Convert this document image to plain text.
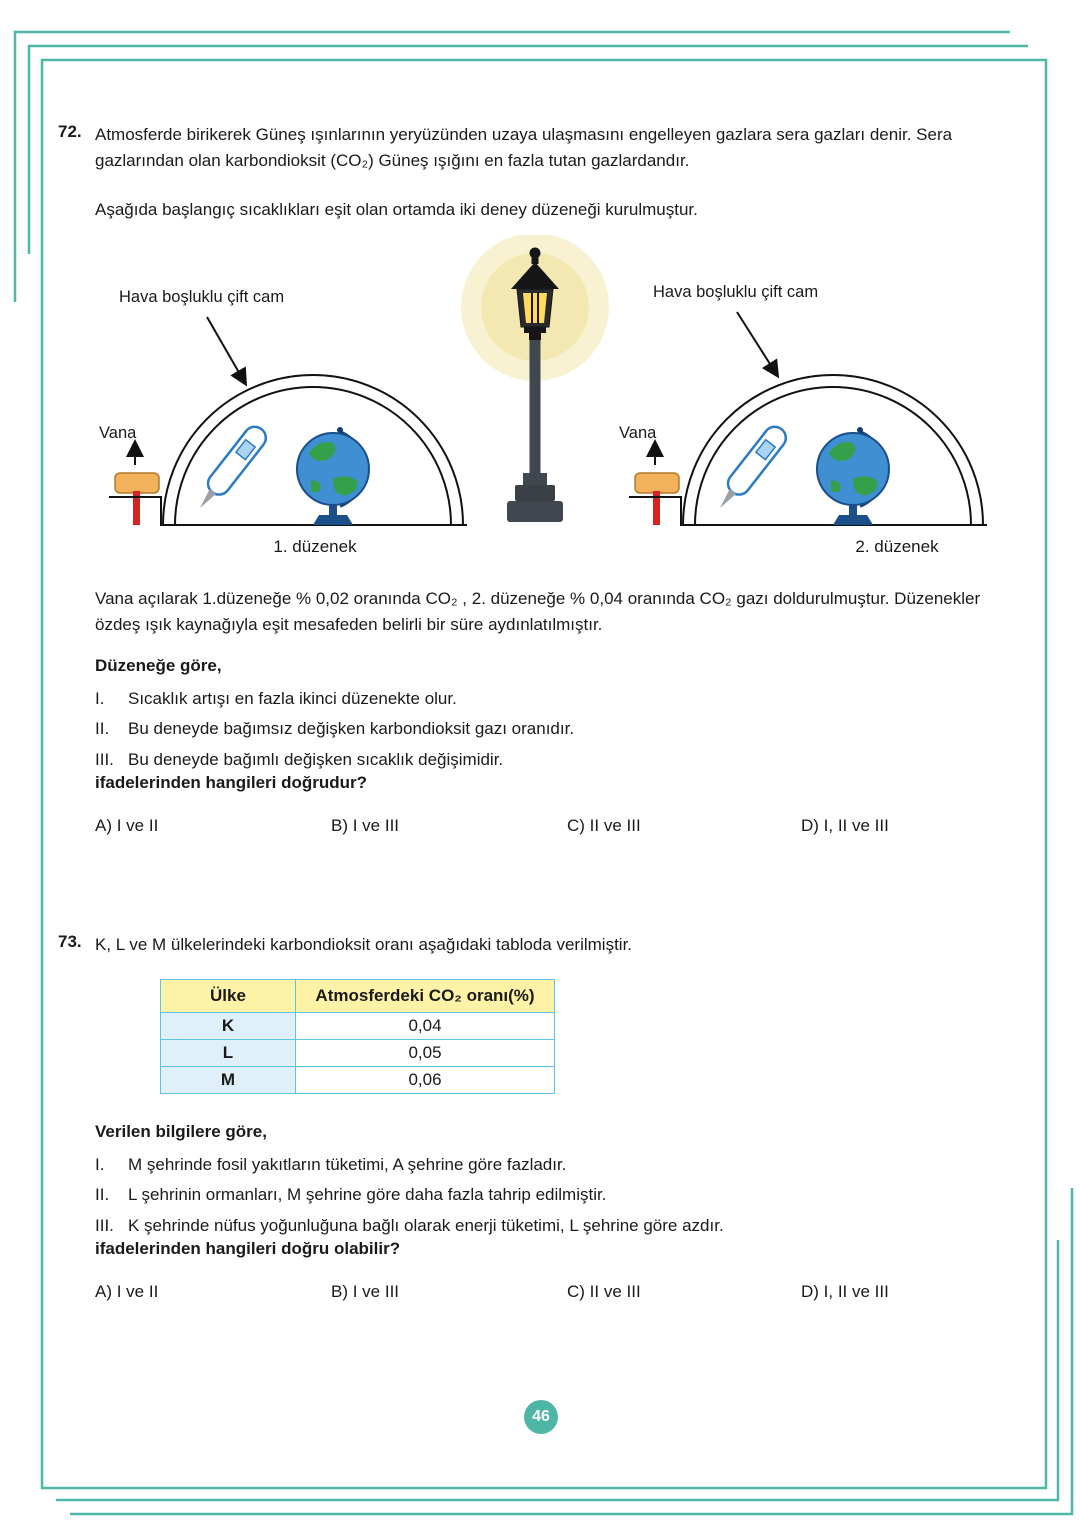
72. Atmosferde birikerek Güneş ışınlarının yeryüzünden uzaya ulaşmasını engelleyen gazlara sera gazları denir. Sera gazlarından olan karbondioksit (CO₂) Güneş ışığını en fazla tutan gazlardandır.

Aşağıda başlangıç sıcaklıkları eşit olan ortamda iki deney düzeneği kurulmuştur.

Hava boşluklu çift cam	Hava boşluklu çift cam
Vana	Vana
1. düzenek	2. düzenek

Vana açılarak 1.düzeneğe % 0,02 oranında CO₂ , 2. düzeneğe % 0,04 oranında CO₂ gazı doldurulmuştur. Düzenekler özdeş ışık kaynağıyla eşit mesafeden belirli bir süre aydınlatılmıştır.

Düzeneğe göre,

I.	Sıcaklık artışı en fazla ikinci düzenekte olur.
II.	Bu deneyde bağımsız değişken karbondioksit gazı oranıdır.
III. Bu deneyde bağımlı değişken sıcaklık değişimidir.

ifadelerinden hangileri doğrudur?

A) I ve II	B) I ve III	C) II ve III	D) I, II ve III
73. K, L ve M ülkelerindeki karbondioksit oranı aşağıdaki tabloda verilmiştir.

Ülke	Atmosferdeki CO₂ oranı(%)
K	0,04
L	0,05
M	0,06

Verilen bilgilere göre,

I.	M şehrinde fosil yakıtların tüketimi, A şehrine göre fazladır.
II.	L şehrinin ormanları, M şehrine göre daha fazla tahrip edilmiştir.
III. K şehrinde nüfus yoğunluğuna bağlı olarak enerji tüketimi, L şehrine göre azdır.

ifadelerinden hangileri doğru olabilir?

A) I ve II	B) I ve III	C) II ve III	D) I, II ve III
46
